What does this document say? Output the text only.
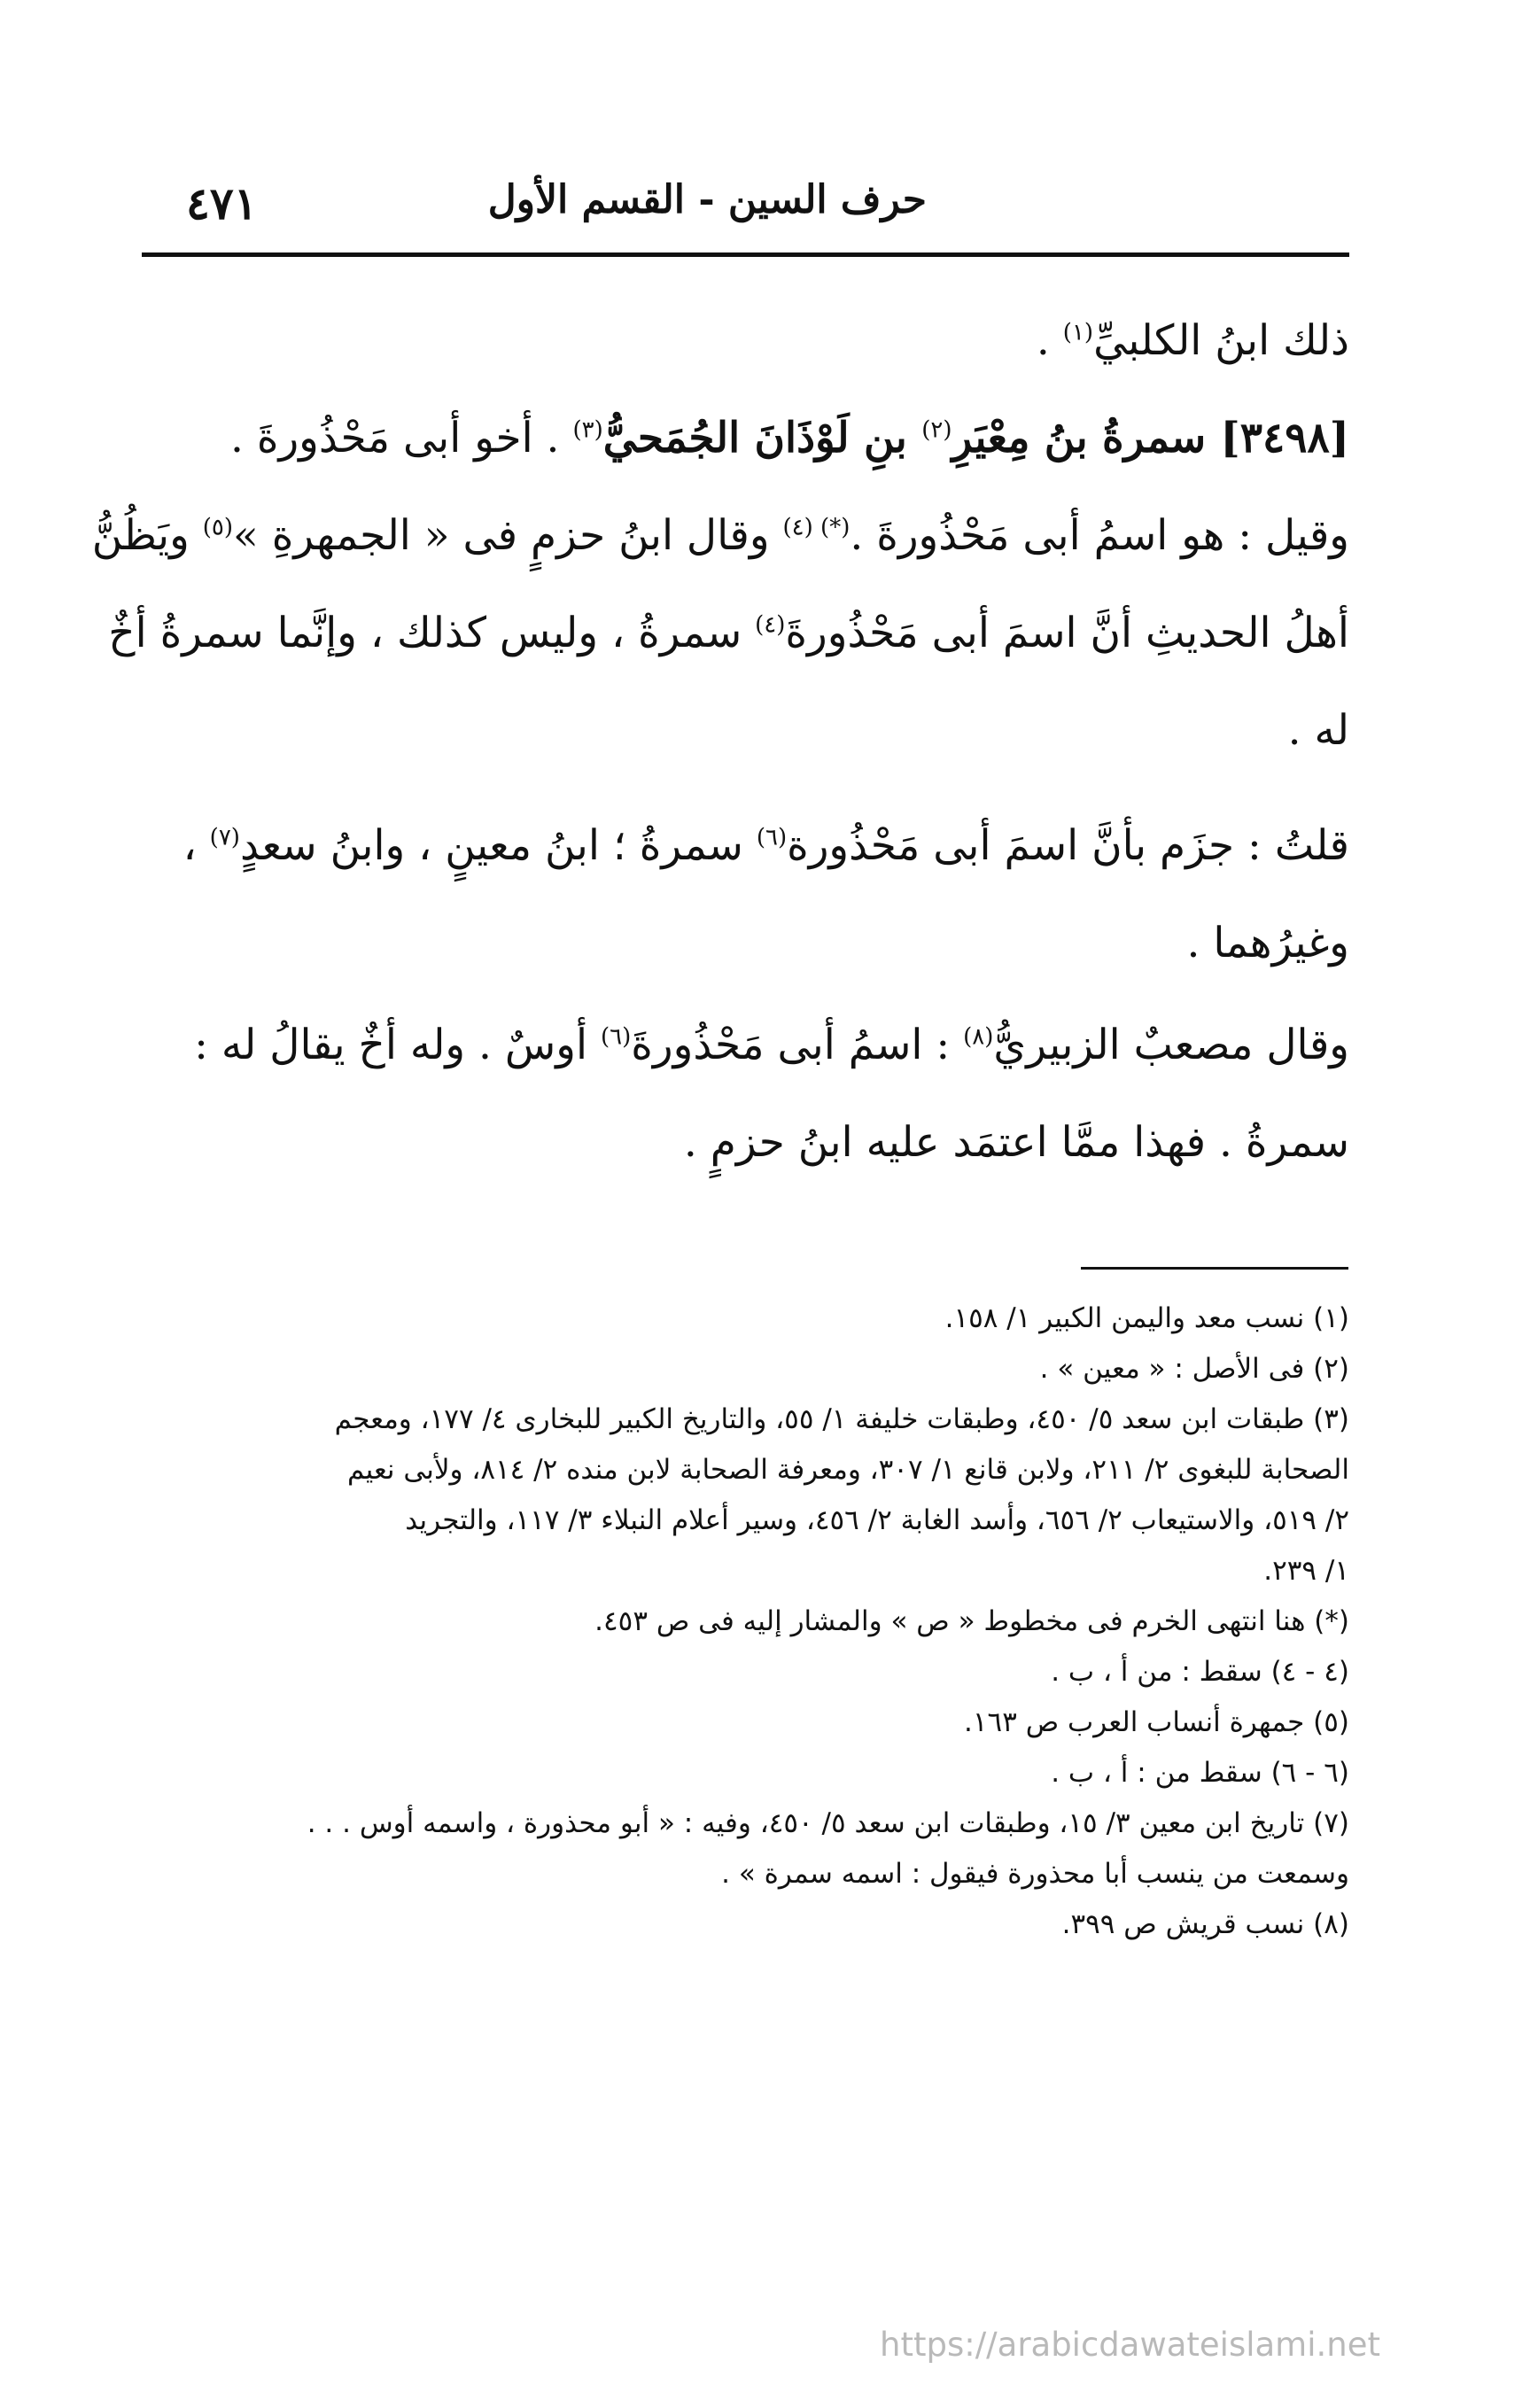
٤٧١	حرف السين - القسم الأول
ذلك ابنُ الكلبيِّ$^{(١)}$ .
[٣٤٩٨] سمرةُ بنُ مِعْيَرِ$^{(٢)}$ بنِ لَوْذَانَ الجُمَحيُّ$^{(٣)}$ . أخو أبى مَحْذُورةَ .
وقيل : هو اسمُ أبى مَحْذُورةَ .$^{(*) (٤)}$ وقال ابنُ حزمٍ فى « الجمهرةِ »$^{(٥)}$ ويَظُنُّ
أهلُ الحديثِ أنَّ اسمَ أبى مَحْذُورةَ$^{(٤)}$ سمرةُ ، وليس كذلك ، وإنَّما سمرةُ أخٌ
له .
قلتُ : جزَم بأنَّ اسمَ أبى مَحْذُورة$^{(٦)}$ سمرةُ ؛ ابنُ معينٍ ، وابنُ سعدٍ$^{(٧)}$ ،
وغيرُهما .
وقال مصعبٌ الزبيريُّ$^{(٨)}$ : اسمُ أبى مَحْذُورةَ$^{(٦)}$ أوسٌ . وله أخٌ يقالُ له :
سمرةُ . فهذا ممَّا اعتمَد عليه ابنُ حزمٍ .
(١) نسب معد واليمن الكبير ١/ ١٥٨.
(٢) فى الأصل : « معين » .
(٣) طبقات ابن سعد ٥/ ٤٥٠، وطبقات خليفة ١/ ٥٥، والتاريخ الكبير للبخارى ٤/ ١٧٧، ومعجم
الصحابة للبغوى ٢/ ٢١١، ولابن قانع ١/ ٣٠٧، ومعرفة الصحابة لابن منده ٢/ ٨١٤، ولأبى نعيم
٢/ ٥١٩، والاستيعاب ٢/ ٦٥٦، وأسد الغابة ٢/ ٤٥٦، وسير أعلام النبلاء ٣/ ١١٧، والتجريد
١/ ٢٣٩.
(*) هنا انتهى الخرم فى مخطوط « ص » والمشار إليه فى ص ٤٥٣.
(٤ - ٤) سقط : من أ ، ب .
(٥) جمهرة أنساب العرب ص ١٦٣.
(٦ - ٦) سقط من : أ ، ب .
(٧) تاريخ ابن معين ٣/ ١٥، وطبقات ابن سعد ٥/ ٤٥٠، وفيه : « أبو محذورة ، واسمه أوس . . .
وسمعت من ينسب أبا محذورة فيقول : اسمه سمرة » .
(٨) نسب قريش ص ٣٩٩.
https://arabicdawateislami.net
